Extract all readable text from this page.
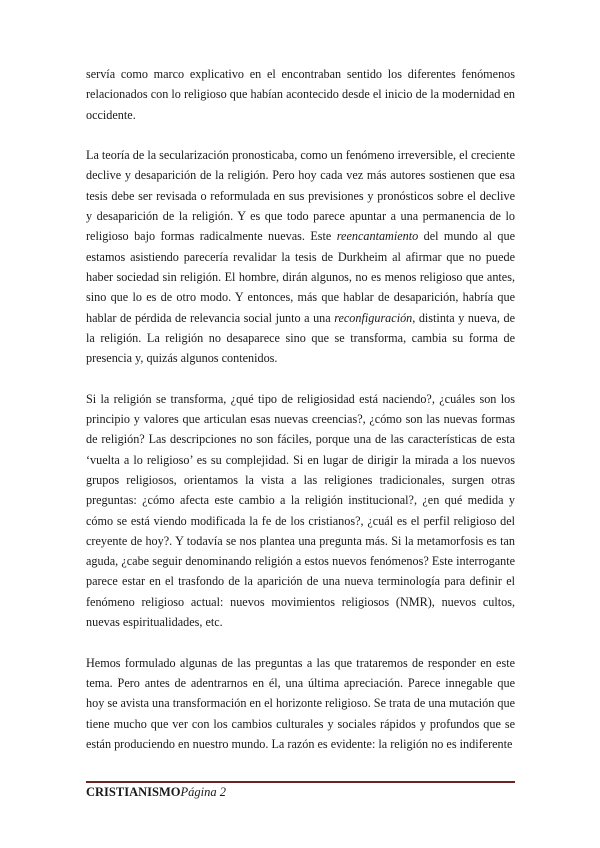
servía como marco explicativo en el encontraban sentido los diferentes fenómenos relacionados con lo religioso que habían acontecido desde el inicio de la modernidad en occidente.

La teoría de la secularización pronosticaba, como un fenómeno irreversible, el creciente declive y desaparición de la religión. Pero hoy cada vez más autores sostienen que esa tesis debe ser revisada o reformulada en sus previsiones y pronósticos sobre el declive y desaparición de la religión. Y es que todo parece apuntar a una permanencia de lo religioso bajo formas radicalmente nuevas. Este reencantamiento del mundo al que estamos asistiendo parecería revalidar la tesis de Durkheim al afirmar que no puede haber sociedad sin religión. El hombre, dirán algunos, no es menos religioso que antes, sino que lo es de otro modo. Y entonces, más que hablar de desaparición, habría que hablar de pérdida de relevancia social junto a una reconfiguración, distinta y nueva, de la religión. La religión no desaparece sino que se transforma, cambia su forma de presencia y, quizás algunos contenidos.

Si la religión se transforma, ¿qué tipo de religiosidad está naciendo?, ¿cuáles son los principio y valores que articulan esas nuevas creencias?, ¿cómo son las nuevas formas de religión? Las descripciones no son fáciles, porque una de las características de esta ‘vuelta a lo religioso’ es su complejidad. Si en lugar de dirigir la mirada a los nuevos grupos religiosos, orientamos la vista a las religiones tradicionales, surgen otras preguntas: ¿cómo afecta este cambio a la religión institucional?, ¿en qué medida y cómo se está viendo modificada la fe de los cristianos?, ¿cuál es el perfil religioso del creyente de hoy?. Y todavía se nos plantea una pregunta más. Si la metamorfosis es tan aguda, ¿cabe seguir denominando religión a estos nuevos fenómenos? Este interrogante parece estar en el trasfondo de la aparición de una nueva terminología para definir el fenómeno religioso actual: nuevos movimientos religiosos (NMR), nuevos cultos, nuevas espiritualidades, etc.

Hemos formulado algunas de las preguntas a las que trataremos de responder en este tema. Pero antes de adentrarnos en él, una última apreciación. Parece innegable que hoy se avista una transformación en el horizonte religioso. Se trata de una mutación que tiene mucho que ver con los cambios culturales y sociales rápidos y profundos que se están produciendo en nuestro mundo. La razón es evidente: la religión no es indiferente

CRISTIANISMOPágina 2
